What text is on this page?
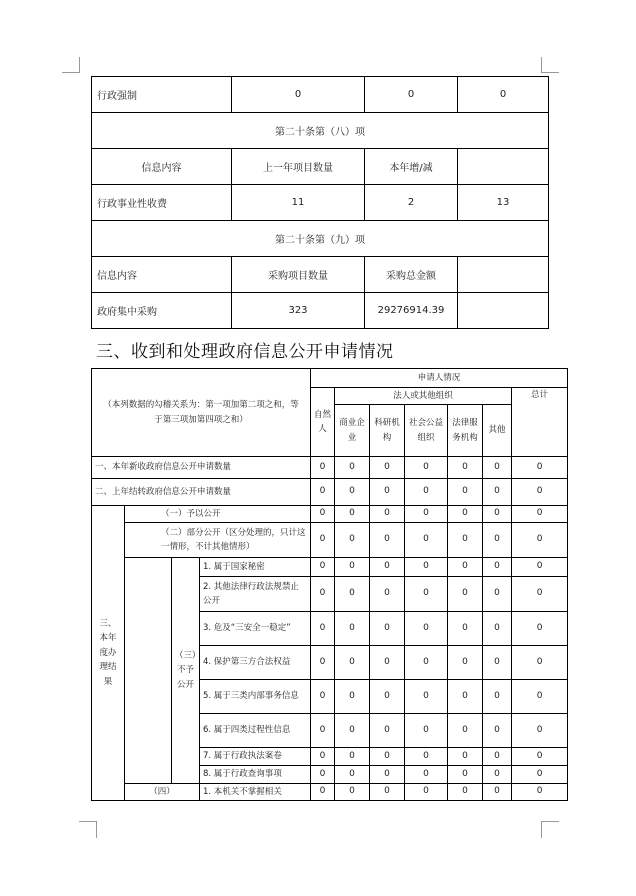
行政强制	0	0	0
第二十条第（八）项			
信息内容	上一年项目数量	本年增/减	
行政事业性收费	11	2	13
第二十条第（九）项			
信息内容	采购项目数量	采购总金额	
政府集中采购	323	29276914.39	
三、收到和处理政府信息公开申请情况
（本列数据的勾稽关系为：第一项加第二项之和，等于第三项加第四项之和）				申请人情况						
				自然人	法人或其他组织					总计
					商业企业	科研机构	社会公益组织	法律服务机构	其他	
一、本年新收政府信息公开申请数量				0	0	0	0	0	0	0
二、上年结转政府信息公开申请数量				0	0	0	0	0	0	0
三、本年度办理结果	（一）予以公开			0	0	0	0	0	0	0
	（二）部分公开（区分处理的，只计这一情形，不计其他情形）			0	0	0	0	0	0	0
		（三）不予公开	1. 属于国家秘密	0	0	0	0	0	0	0
			2. 其他法律行政法规禁止公开	0	0	0	0	0	0	0
			3. 危及“三安全一稳定”	0	0	0	0	0	0	0
			4. 保护第三方合法权益	0	0	0	0	0	0	0
			5. 属于三类内部事务信息	0	0	0	0	0	0	0
			6. 属于四类过程性信息	0	0	0	0	0	0	0
			7. 属于行政执法案卷	0	0	0	0	0	0	0
			8. 属于行政查询事项	0	0	0	0	0	0	0
	（四）		1. 本机关不掌握相关	0	0	0	0	0	0	0
